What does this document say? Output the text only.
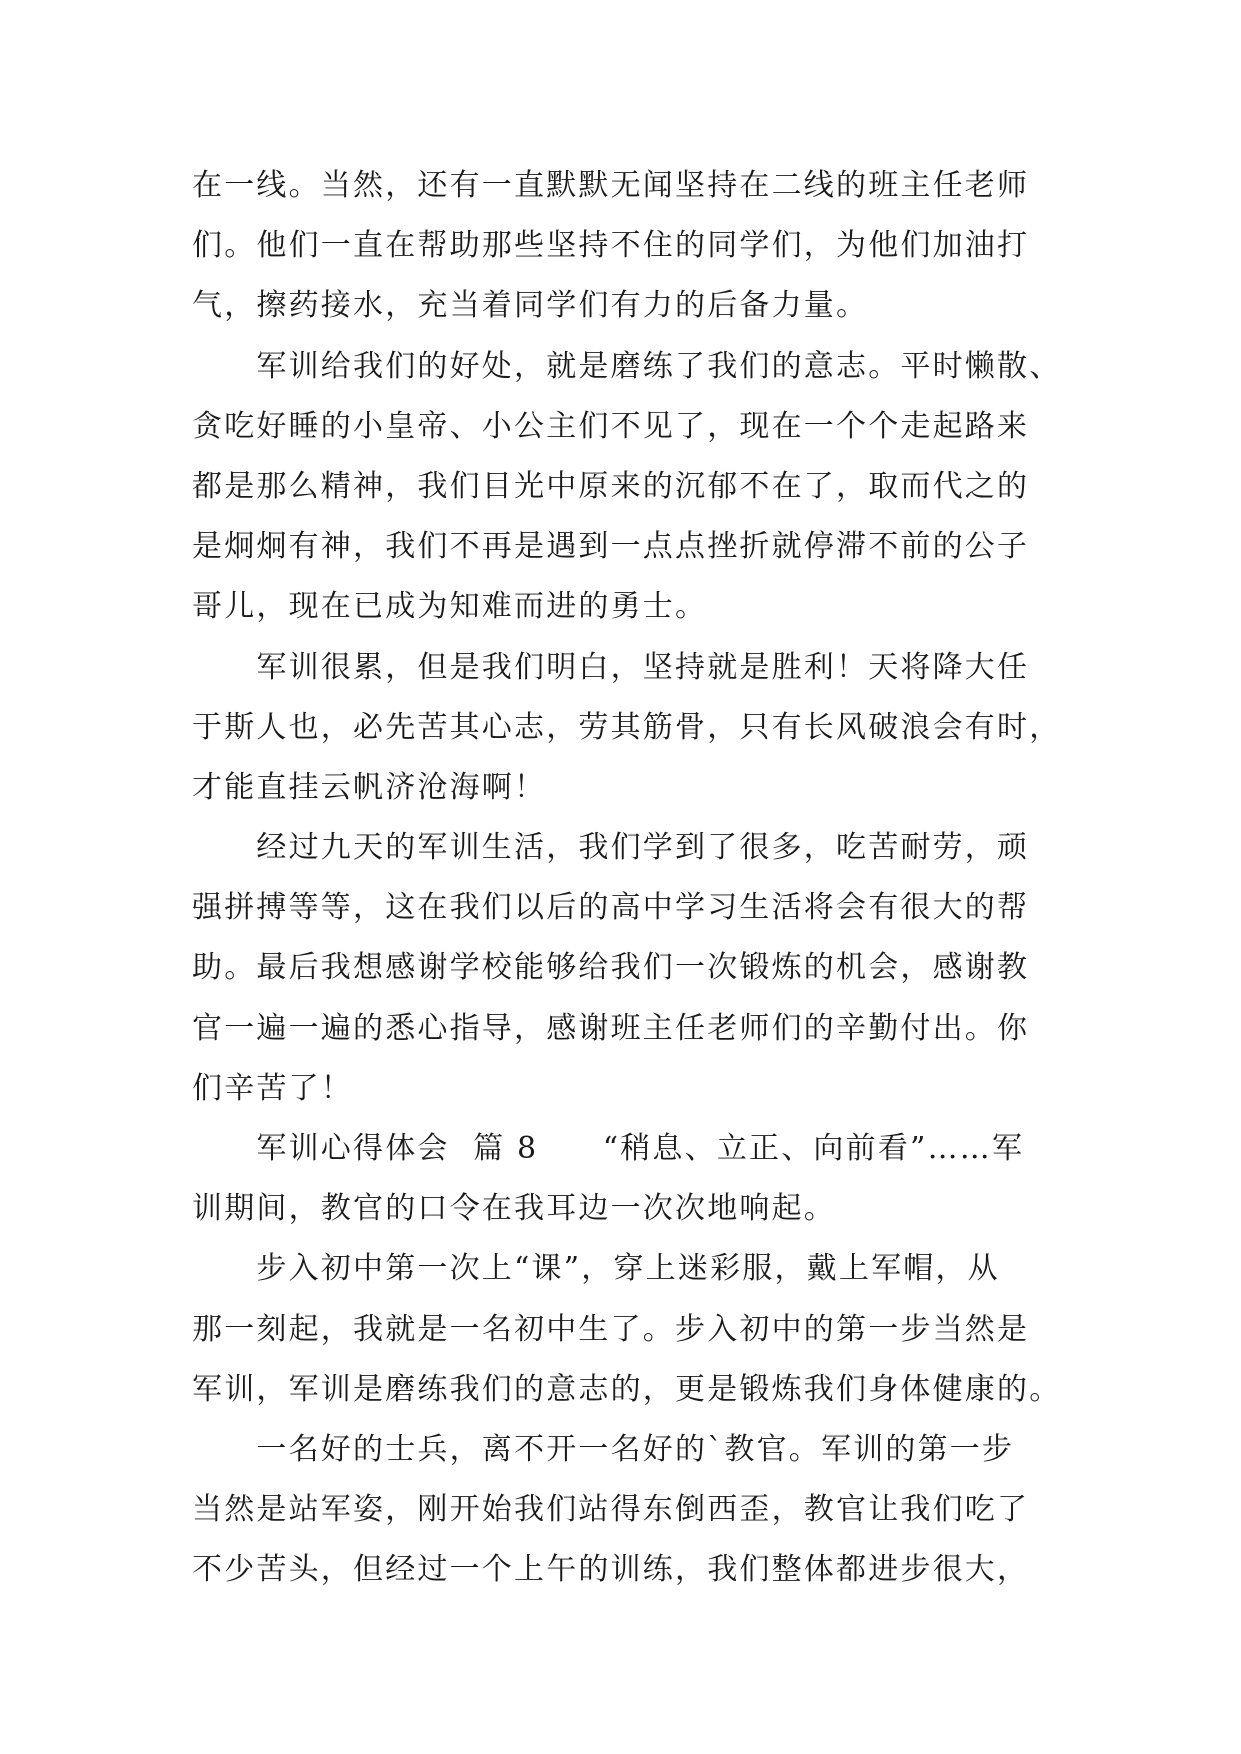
在一线。当然，还有一直默默无闻坚持在二线的班主任老师
们。他们一直在帮助那些坚持不住的同学们，为他们加油打
气，擦药接水，充当着同学们有力的后备力量。
　　军训给我们的好处，就是磨练了我们的意志。平时懒散、
贪吃好睡的小皇帝、小公主们不见了，现在一个个走起路来
都是那么精神，我们目光中原来的沉郁不在了，取而代之的
是炯炯有神，我们不再是遇到一点点挫折就停滞不前的公子
哥儿，现在已成为知难而进的勇士。
　　军训很累，但是我们明白，坚持就是胜利！天将降大任
于斯人也，必先苦其心志，劳其筋骨，只有长风破浪会有时，
才能直挂云帆济沧海啊！
　　经过九天的军训生活，我们学到了很多，吃苦耐劳，顽
强拼搏等等，这在我们以后的高中学习生活将会有很大的帮
助。最后我想感谢学校能够给我们一次锻炼的机会，感谢教
官一遍一遍的悉心指导，感谢班主任老师们的辛勤付出。你
们辛苦了！
　　军训心得体会  篇 8　　“稍息、立正、向前看”……军
训期间，教官的口令在我耳边一次次地响起。
　　步入初中第一次上“课”，穿上迷彩服，戴上军帽，从
那一刻起，我就是一名初中生了。步入初中的第一步当然是
军训，军训是磨练我们的意志的，更是锻炼我们身体健康的。
　　一名好的士兵，离不开一名好的`教官。军训的第一步
当然是站军姿，刚开始我们站得东倒西歪，教官让我们吃了
不少苦头，但经过一个上午的训练，我们整体都进步很大，
